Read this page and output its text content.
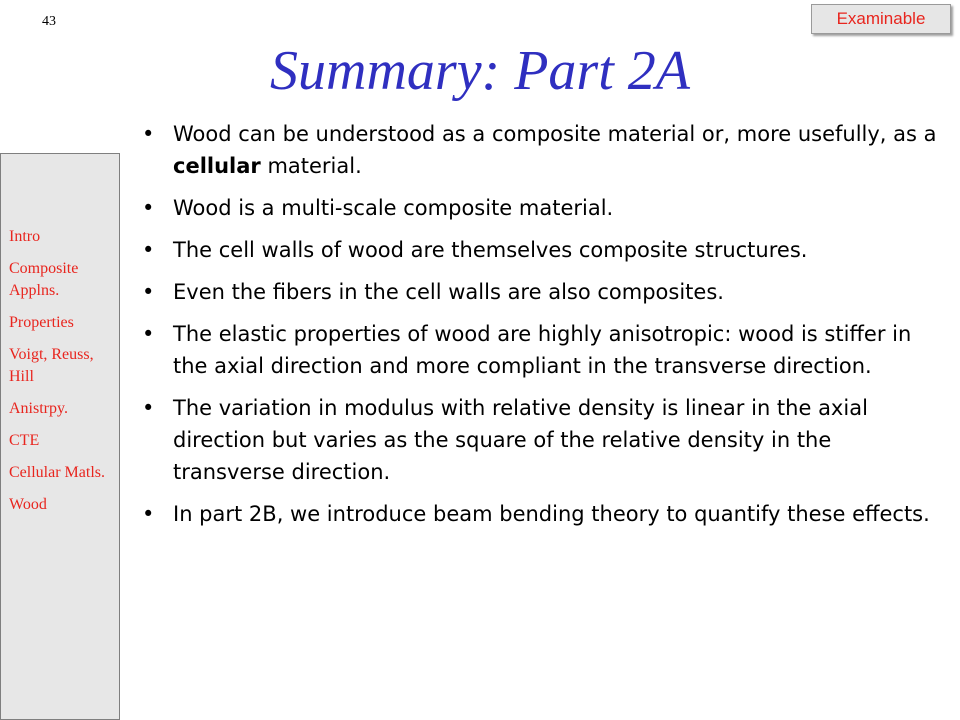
43	Examinable
Summary: Part 2A
Intro
Composite Applns.
Properties
Voigt, Reuss, Hill
Anistrpy.
CTE
Cellular Matls.
Wood
• Wood can be understood as a composite material or, more usefully, as a cellular material.
• Wood is a multi-scale composite material.
• The cell walls of wood are themselves composite structures.
• Even the fibers in the cell walls are also composites.
• The elastic properties of wood are highly anisotropic: wood is stiffer in the axial direction and more compliant in the transverse direction.
• The variation in modulus with relative density is linear in the axial direction but varies as the square of the relative density in the transverse direction.
• In part 2B, we introduce beam bending theory to quantify these effects.
